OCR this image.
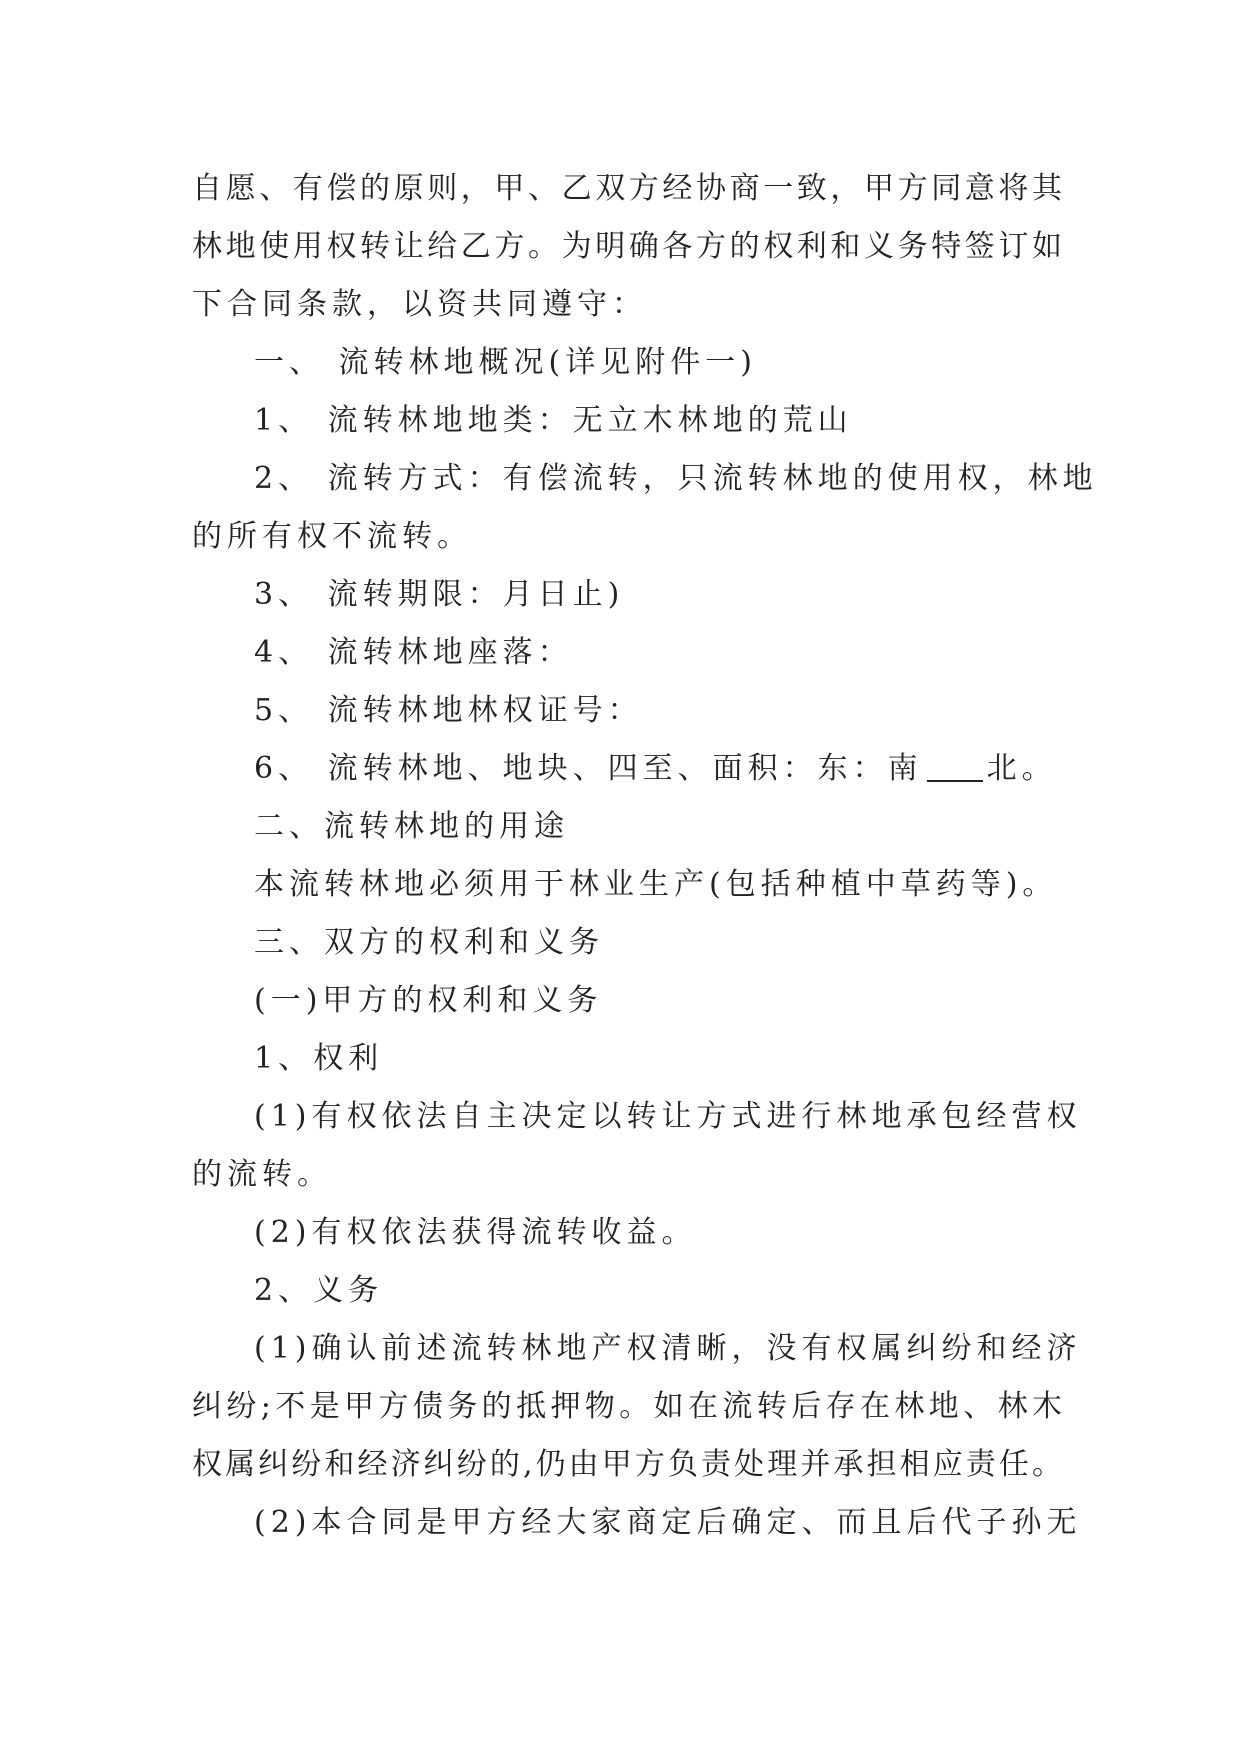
自愿、有偿的原则，甲、乙双方经协商一致，甲方同意将其
林地使用权转让给乙方。为明确各方的权利和义务特签订如
下合同条款，以资共同遵守：
一、 流转林地概况(详见附件一)
1、 流转林地地类：无立木林地的荒山
2、 流转方式：有偿流转，只流转林地的使用权，林地
的所有权不流转。
3、 流转期限：月日止)
4、 流转林地座落：
5、 流转林地林权证号：
6、 流转林地、地块、四至、面积：东：南 北。
二、流转林地的用途
本流转林地必须用于林业生产(包括种植中草药等)。
三、双方的权利和义务
(一)甲方的权利和义务
1、权利
(1)有权依法自主决定以转让方式进行林地承包经营权
的流转。
(2)有权依法获得流转收益。
2、义务
(1)确认前述流转林地产权清晰，没有权属纠纷和经济
纠纷;不是甲方债务的抵押物。如在流转后存在林地、林木
权属纠纷和经济纠纷的,仍由甲方负责处理并承担相应责任。
(2)本合同是甲方经大家商定后确定、而且后代子孙无
